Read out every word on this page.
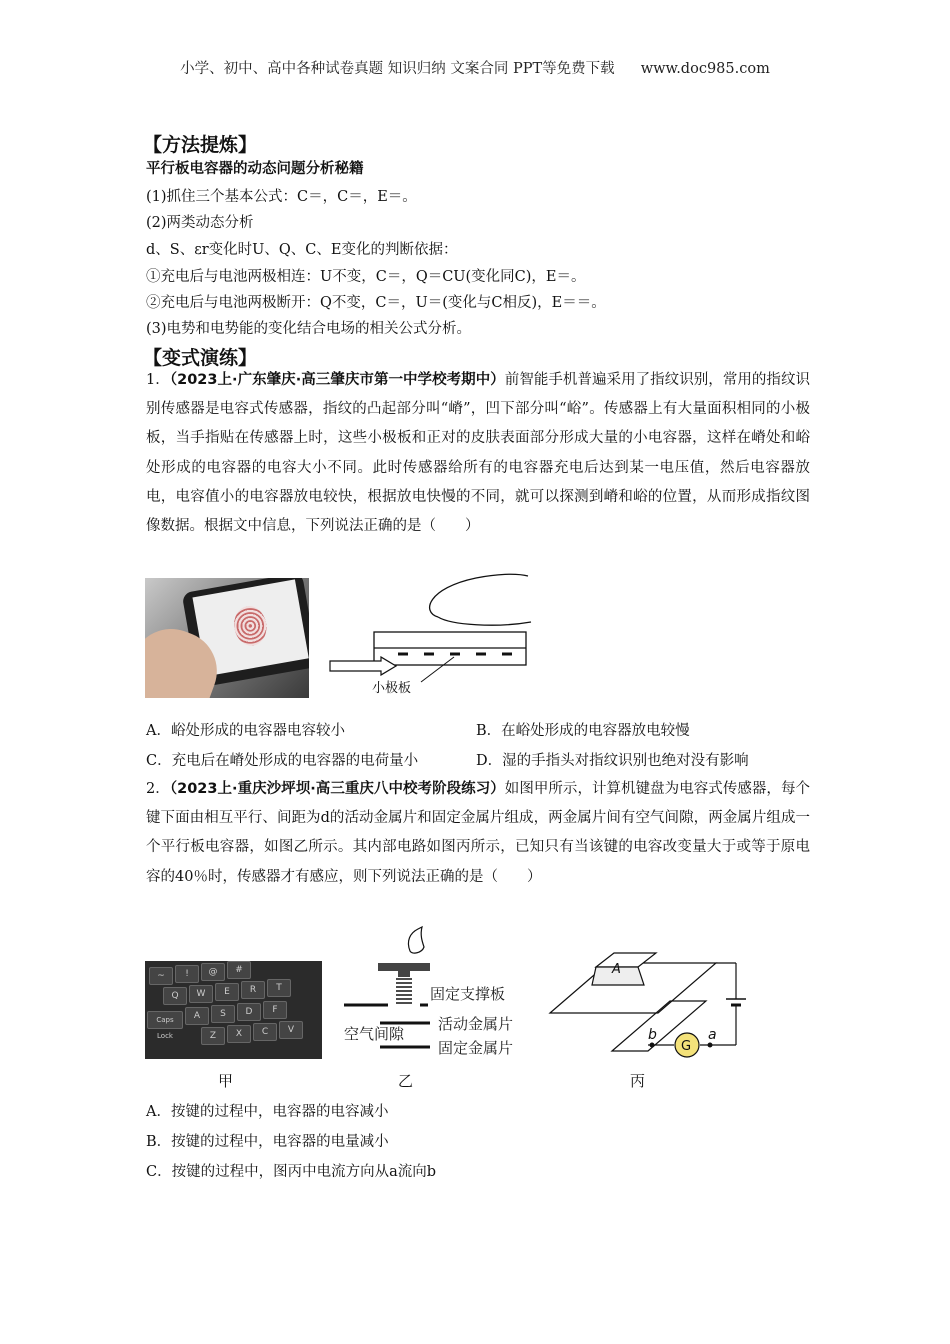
小学、初中、高中各种试卷真题 知识归纳 文案合同 PPT等免费下载 www.doc985.com
【方法提炼】
平行板电容器的动态问题分析秘籍
(1)抓住三个基本公式：C＝，C＝，E＝。
(2)两类动态分析
d、S、εr变化时U、Q、C、E变化的判断依据：
①充电后与电池两极相连：U不变，C＝，Q＝CU(变化同C)，E＝。
②充电后与电池两极断开：Q不变，C＝，U＝(变化与C相反)，E＝＝。
(3)电势和电势能的变化结合电场的相关公式分析。
【变式演练】
1．（2023上·广东肇庆·高三肇庆市第一中学校考期中）前智能手机普遍采用了指纹识别，常用的指纹识别传感器是电容式传感器，指纹的凸起部分叫“嵴”，凹下部分叫“峪”。传感器上有大量面积相同的小极板，当手指贴在传感器上时，这些小极板和正对的皮肤表面部分形成大量的小电容器，这样在嵴处和峪处形成的电容器的电容大小不同。此时传感器给所有的电容器充电后达到某一电压值，然后电容器放电，电容值小的电容器放电较快，根据放电快慢的不同，就可以探测到嵴和峪的位置，从而形成指纹图像数据。根据文中信息，下列说法正确的是（　　）
小极板
A．峪处形成的电容器电容较小	B．在峪处形成的电容器放电较慢
C．充电后在嵴处形成的电容器的电荷量小	D．湿的手指头对指纹识别也绝对没有影响
2．（2023上·重庆沙坪坝·高三重庆八中校考阶段练习）如图甲所示，计算机键盘为电容式传感器，每个键下面由相互平行、间距为d的活动金属片和固定金属片组成，两金属片间有空气间隙，两金属片组成一个平行板电容器，如图乙所示。其内部电路如图丙所示，已知只有当该键的电容改变量大于或等于原电容的40％时，传感器才有感应，则下列说法正确的是（　　）
~	!	@	#
Q	W	E	R	T
A	S	D	F
Z	X	C	V
Caps Lock
固定支撑板
空气间隙
活动金属片
固定金属片
A
b	a
G
甲	乙	丙
A．按键的过程中，电容器的电容减小
B．按键的过程中，电容器的电量减小
C．按键的过程中，图丙中电流方向从a流向b
